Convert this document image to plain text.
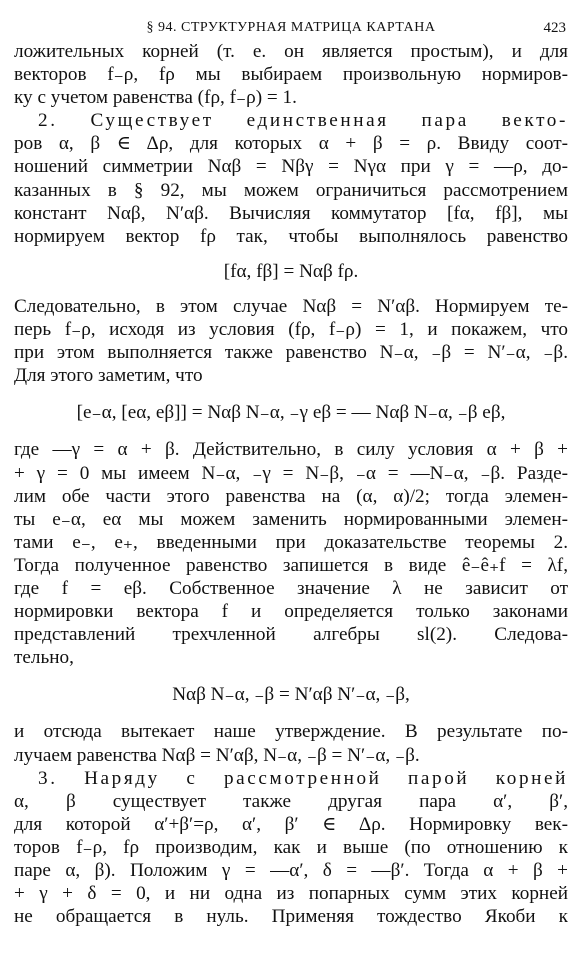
§ 94. СТРУКТУРНАЯ МАТРИЦА КАРТАНА	423
ложительных корней (т. е. он является простым), и для
векторов f₋ρ, fρ мы выбираем произвольную нормиров-
ку с учетом равенства (fρ, f₋ρ) = 1.
2. Существует единственная пара векто-
ров α, β ∈ Δρ, для которых α + β = ρ. Ввиду соот-
ношений симметрии Nαβ = Nβγ = Nγα при γ = —ρ, до-
казанных в § 92, мы можем ограничиться рассмотрением
констант Nαβ, N′αβ. Вычисляя коммутатор [fα, fβ], мы
нормируем вектор fρ так, чтобы выполнялось равенство
[fα, fβ] = Nαβ fρ.
Следовательно, в этом случае Nαβ = N′αβ. Нормируем те-
перь f₋ρ, исходя из условия (fρ, f₋ρ) = 1, и покажем, что
при этом выполняется также равенство N₋α, ₋β = N′₋α, ₋β.
Для этого заметим, что
[e₋α, [eα, eβ]] = Nαβ N₋α, ₋γ eβ = — Nαβ N₋α, ₋β eβ,
где —γ = α + β. Действительно, в силу условия α + β +
+ γ = 0 мы имеем N₋α, ₋γ = N₋β, ₋α = —N₋α, ₋β. Разде-
лим обе части этого равенства на (α, α)/2; тогда элемен-
ты e₋α, eα мы можем заменить нормированными элемен-
тами e₋, e₊, введенными при доказательстве теоремы 2.
Тогда полученное равенство запишется в виде ê₋ê₊f = λf,
где f = eβ. Собственное значение λ не зависит от
нормировки вектора f и определяется только законами
представлений трехчленной алгебры sl(2). Следова-
тельно,
Nαβ N₋α, ₋β = N′αβ N′₋α, ₋β,
и отсюда вытекает наше утверждение. В результате по-
лучаем равенства Nαβ = N′αβ, N₋α, ₋β = N′₋α, ₋β.
3. Наряду с рассмотренной парой корней
α, β существует также другая пара α′, β′,
для которой α′+β′=ρ, α′, β′ ∈ Δρ. Нормировку век-
торов f₋ρ, fρ производим, как и выше (по отношению к
паре α, β). Положим γ = —α′, δ = —β′. Тогда α + β +
+ γ + δ = 0, и ни одна из попарных сумм этих корней
не обращается в нуль. Применяя тождество Якоби к
